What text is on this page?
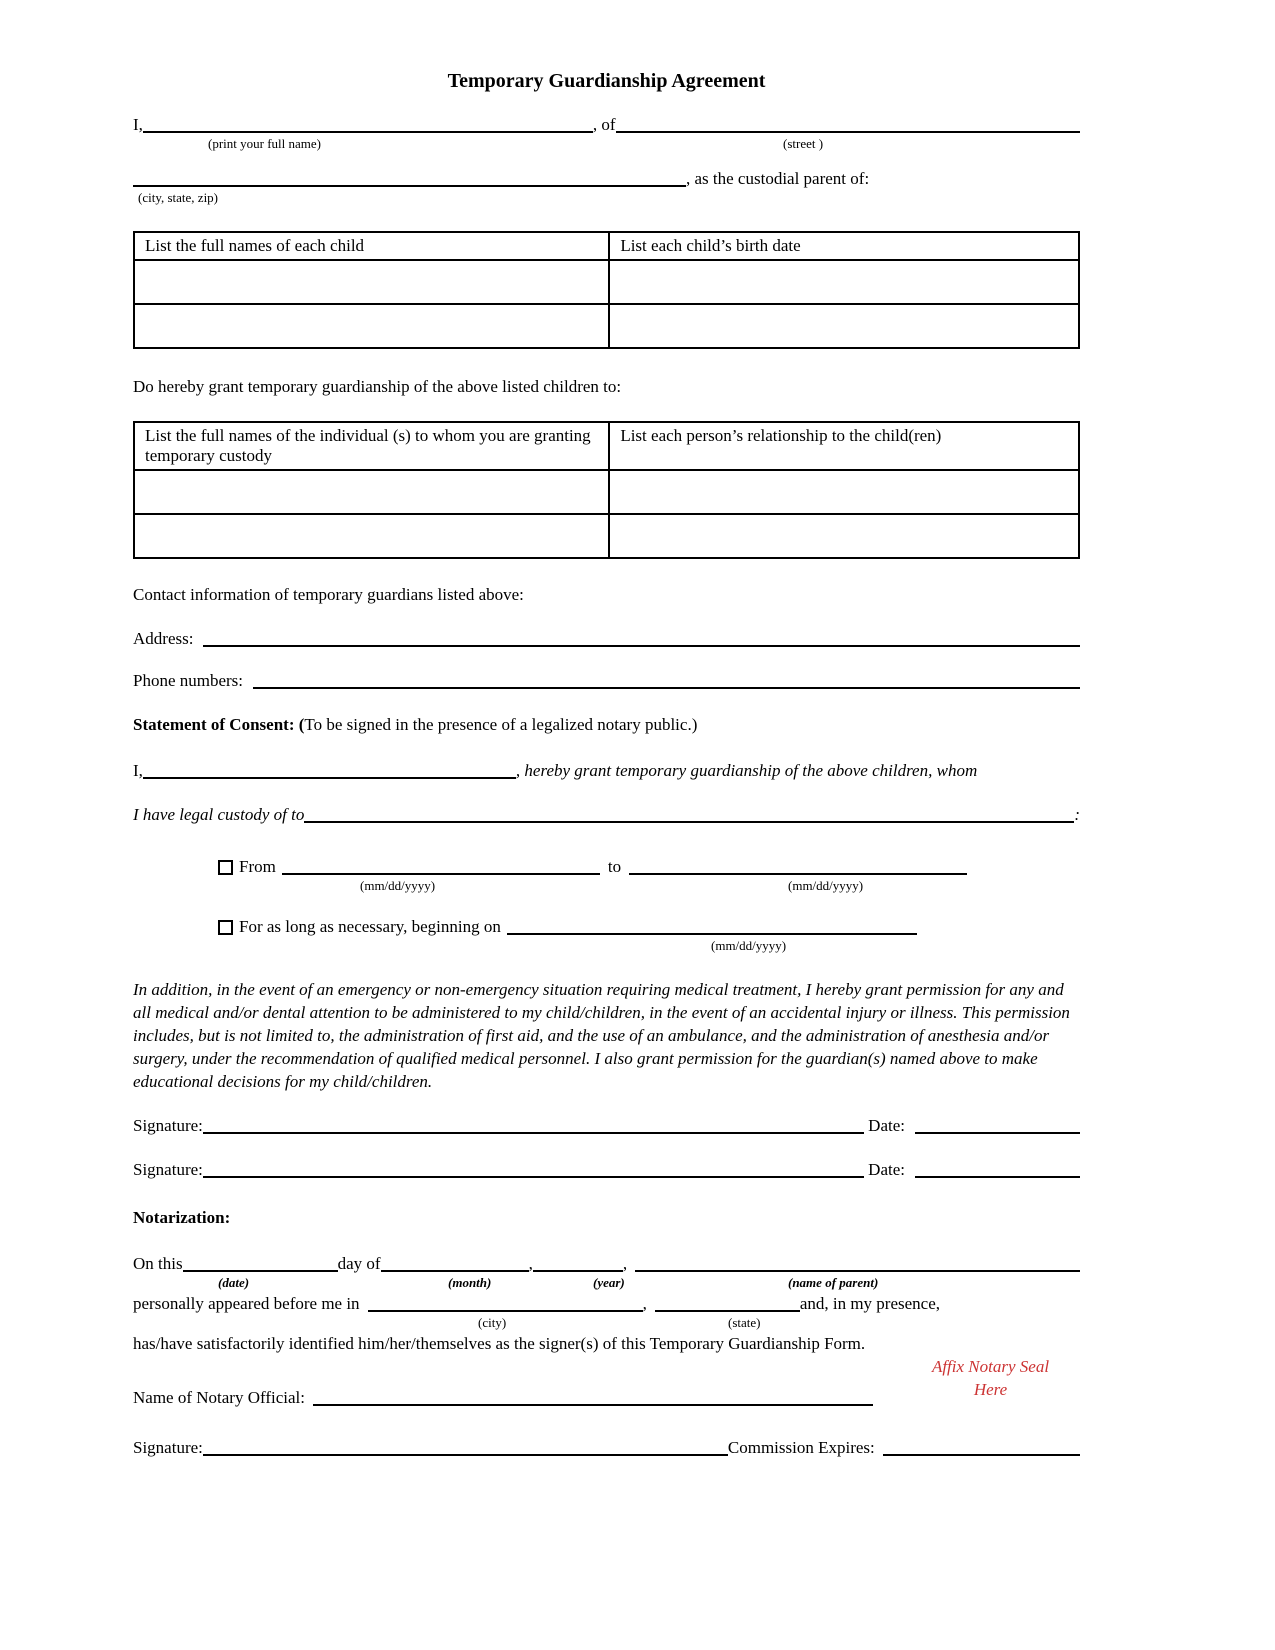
Temporary Guardianship Agreement
I,	, of
(print your full name)	(street )
, as the custodial parent of:
(city, state, zip)
List the full names of each child	List each child’s birth date

Do hereby grant temporary guardianship of the above listed children to:

List the full names of the individual (s) to whom you are granting temporary custody	List each person’s relationship to the child(ren)

Contact information of temporary guardians listed above:

Address:
Phone numbers:

Statement of Consent: (To be signed in the presence of a legalized notary public.)

I,	, hereby grant temporary guardianship of the above children, whom
I have legal custody of to	:
From	to
(mm/dd/yyyy)	(mm/dd/yyyy)
For as long as necessary, beginning on
(mm/dd/yyyy)

In addition, in the event of an emergency or non-emergency situation requiring medical treatment, I hereby grant permission for any and all medical and/or dental attention to be administered to my child/children, in the event of an accidental injury or illness. This permission includes, but is not limited to, the administration of first aid, and the use of an ambulance, and the administration of anesthesia and/or surgery, under the recommendation of qualified medical personnel. I also grant permission for the guardian(s) named above to make educational decisions for my child/children.

Signature:	Date:
Signature:	Date:

Notarization:

On this	day of	,	,
(date)	(month)	(year)	(name of parent)
personally appeared before me in	,	and, in my presence,
(city)	(state)

has/have satisfactorily identified him/her/themselves as the signer(s) of this Temporary Guardianship Form.

Affix Notary Seal Here
Name of Notary Official:
Signature:	Commission Expires:
